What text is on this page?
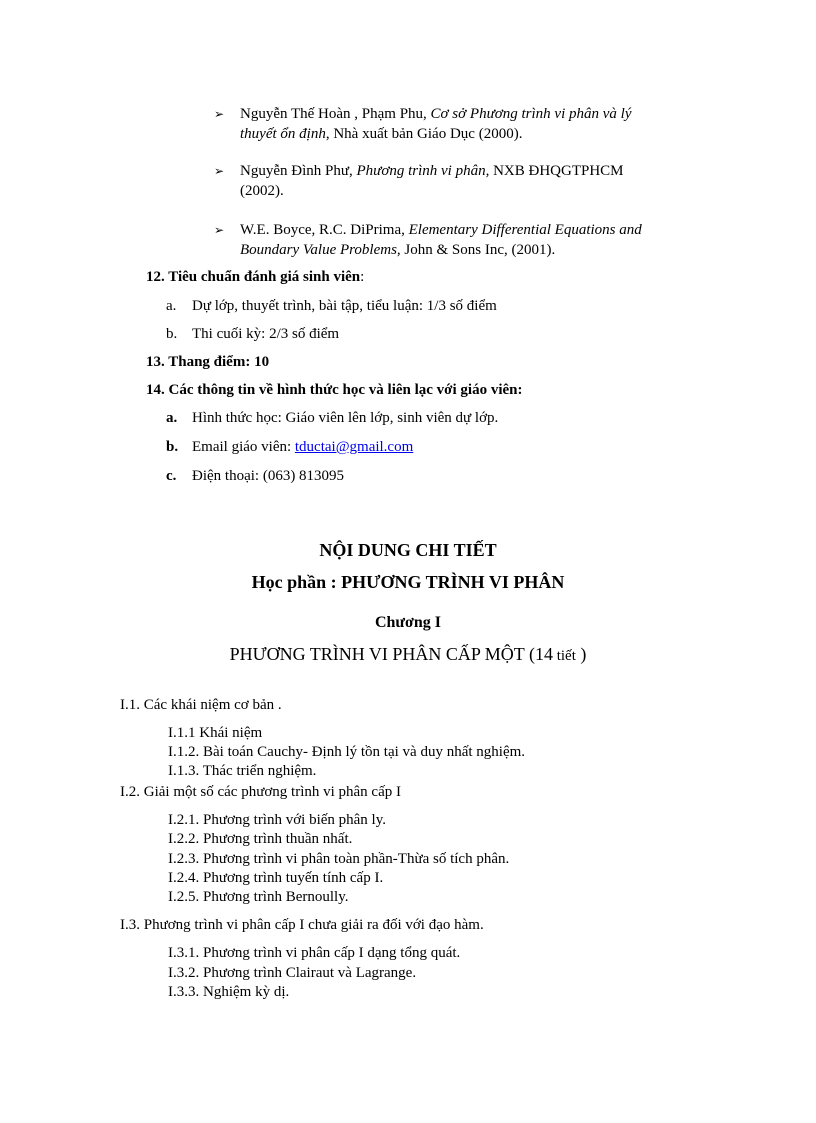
➢ Nguyễn Thế Hoàn , Phạm Phu, Cơ sở Phương trình vi phân và lý
thuyết ổn định, Nhà xuất bản Giáo Dục (2000).
➢ Nguyễn Đình Phư, Phương trình vi phân, NXB ĐHQGTPHCM
(2002).
➢ W.E. Boyce, R.C. DiPrima, Elementary Differential Equations and
Boundary Value Problems, John & Sons Inc, (2001).
12. Tiêu chuẩn đánh giá sinh viên:
a. Dự lớp, thuyết trình, bài tập, tiểu luận: 1/3 số điểm
b. Thi cuối kỳ: 2/3 số điểm
13. Thang điểm: 10
14. Các thông tin về hình thức học và liên lạc với giáo viên:
a. Hình thức học: Giáo viên lên lớp, sinh viên dự lớp.
b. Email giáo viên: tductai@gmail.com
c. Điện thoại: (063) 813095
NỘI DUNG CHI TIẾT
Học phần : PHƯƠNG TRÌNH VI PHÂN
Chương I
PHƯƠNG TRÌNH VI PHÂN CẤP MỘT (14 tiết )
I.1. Các khái niệm cơ bản .
I.1.1 Khái niệm
I.1.2. Bài toán Cauchy- Định lý tồn tại và duy nhất nghiệm.
I.1.3. Thác triển nghiệm.
I.2. Giải một số các phương trình vi phân cấp I
I.2.1. Phương trình với biến phân ly.
I.2.2. Phương trình thuần nhất.
I.2.3. Phương trình vi phân toàn phần-Thừa số tích phân.
I.2.4. Phương trình tuyến tính cấp I.
I.2.5. Phương trình Bernoully.
I.3. Phương trình vi phân cấp I chưa giải ra đối với đạo hàm.
I.3.1. Phương trình vi phân cấp I dạng tổng quát.
I.3.2. Phương trình Clairaut và Lagrange.
I.3.3. Nghiệm kỳ dị.
